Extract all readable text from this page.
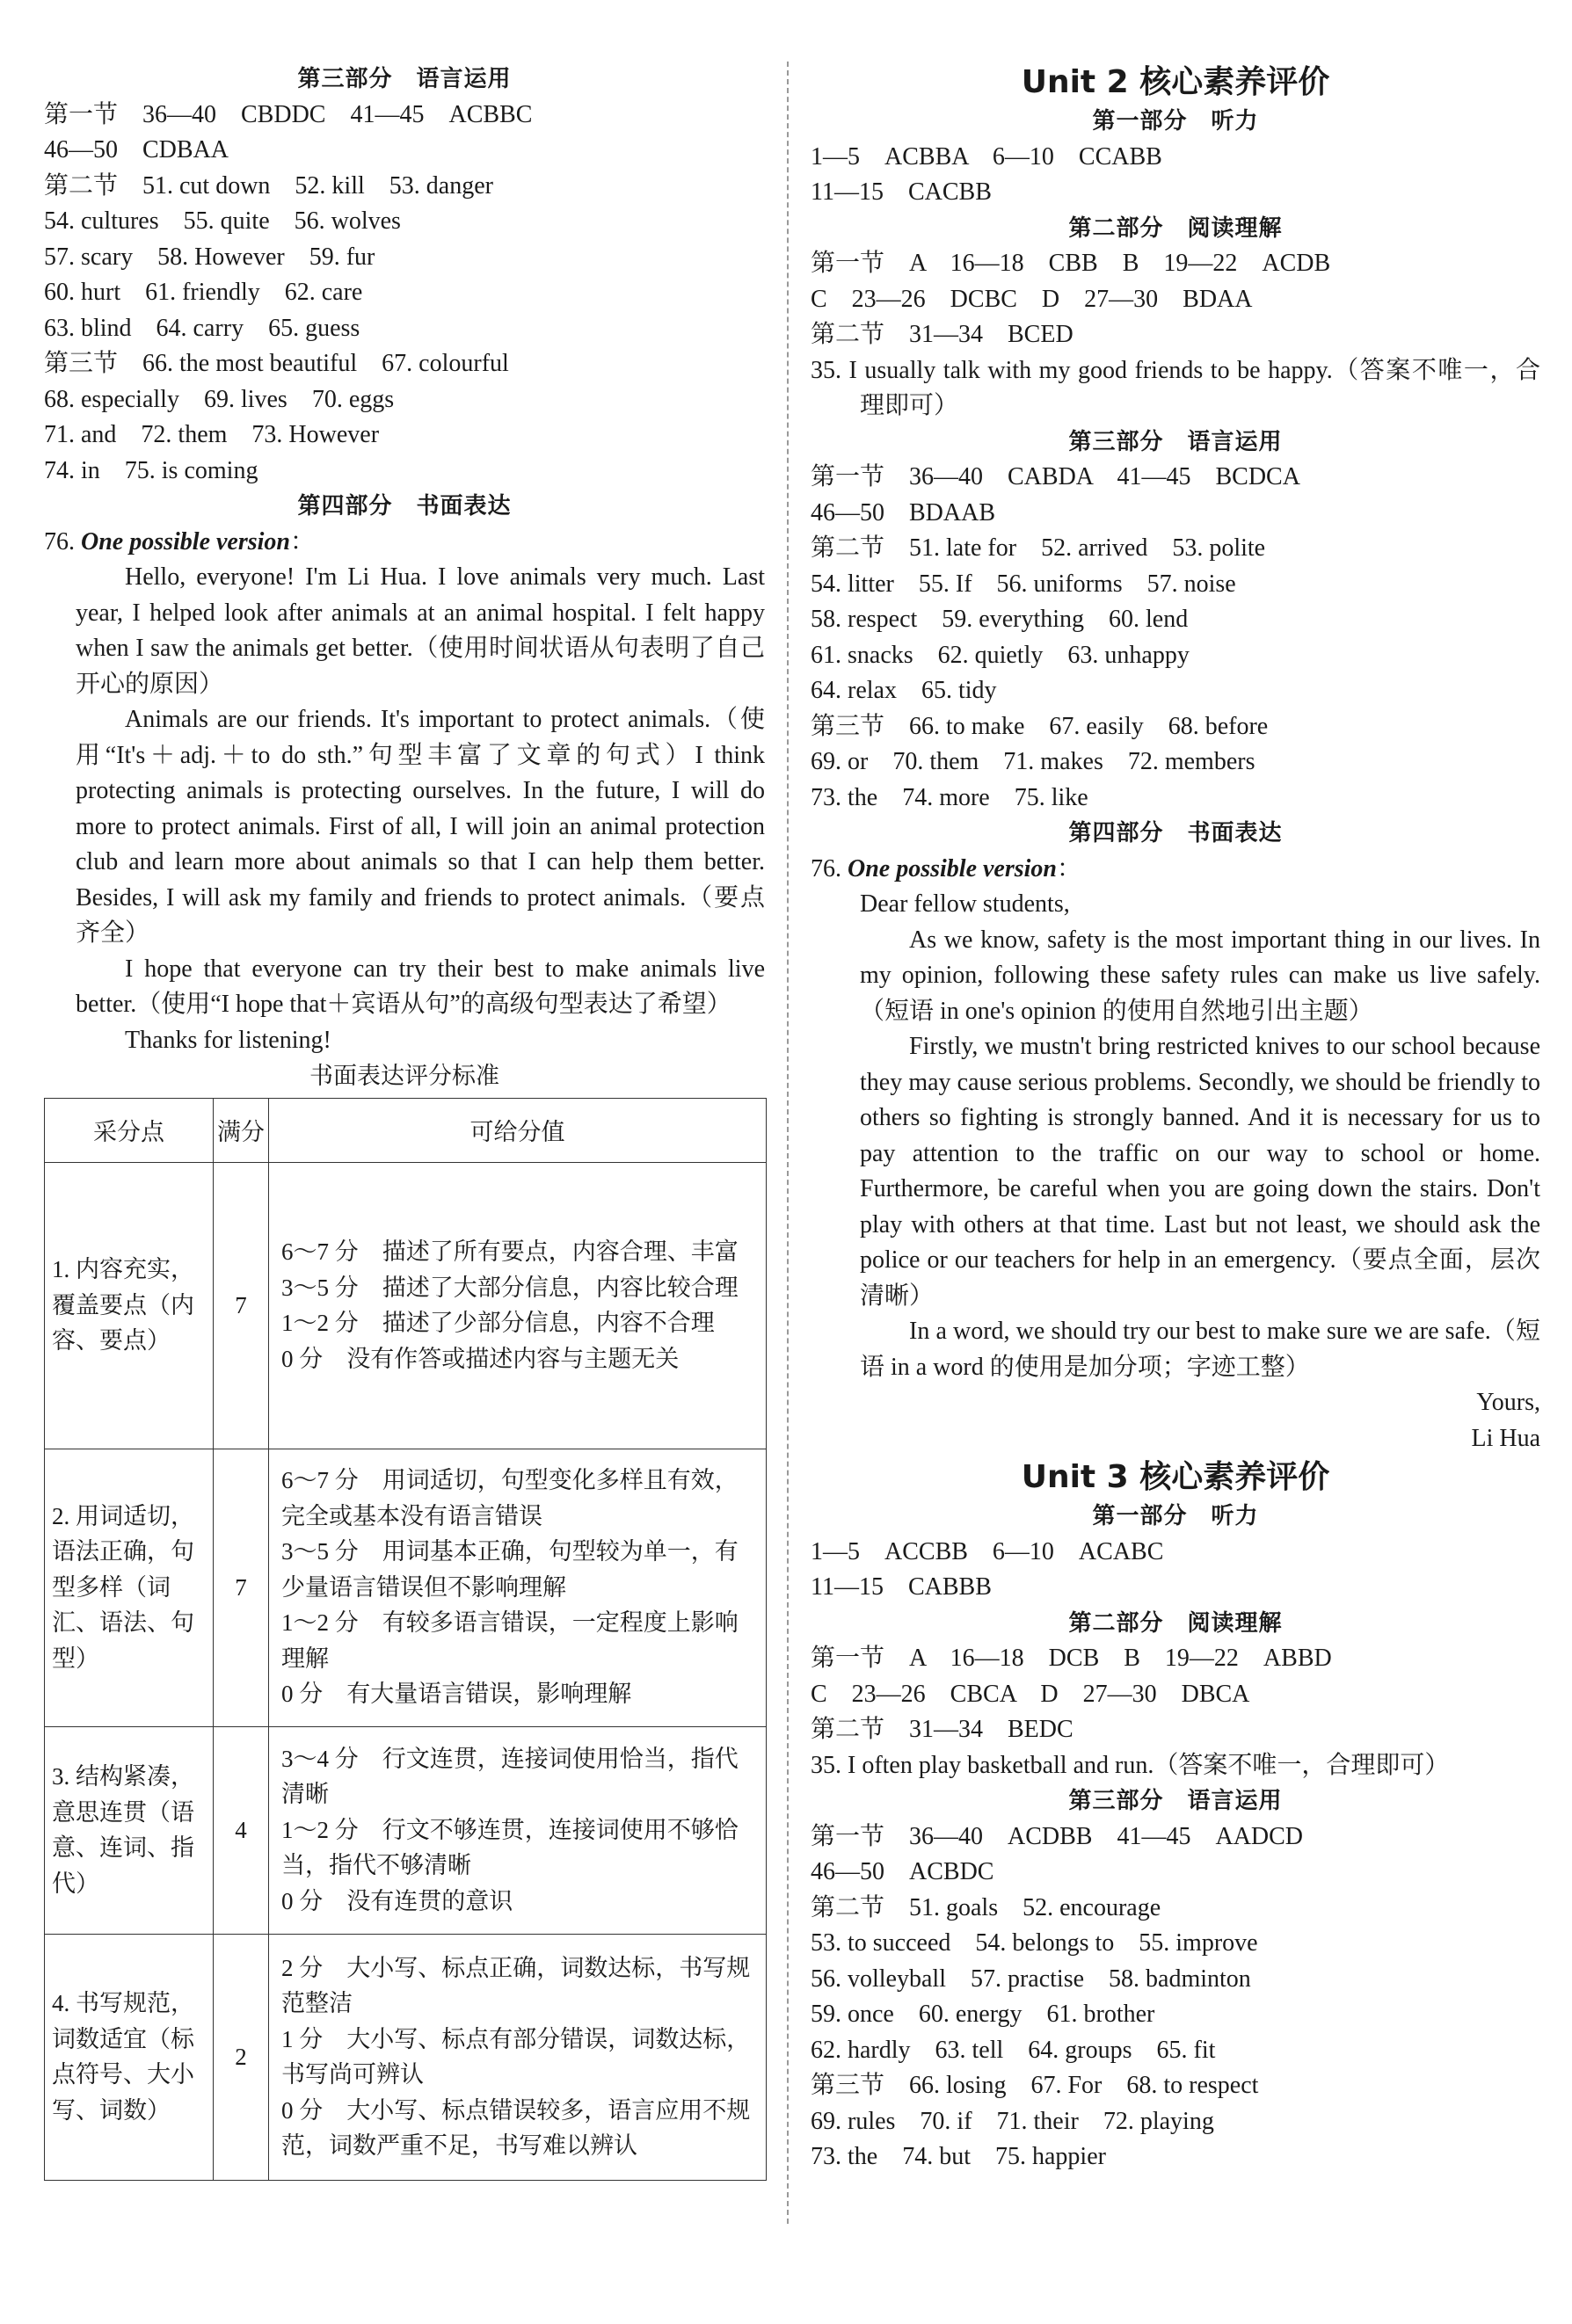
第三部分　语言运用
第一节　36—40　CBDDC　41—45　ACBBC
46—50　CDBAA
第二节　51. cut down　52. kill　53. danger
54. cultures　55. quite　56. wolves
57. scary　58. However　59. fur
60. hurt　61. friendly　62. care
63. blind　64. carry　65. guess
第三节　66. the most beautiful　67. colourful
68. especially　69. lives　70. eggs
71. and　72. them　73. However
74. in　75. is coming
第四部分　书面表达
76. One possible version：
Hello, everyone! I'm Li Hua. I love animals very much. Last year, I helped look after animals at an animal hospital. I felt happy when I saw the animals get better.（使用时间状语从句表明了自己开心的原因）
Animals are our friends. It's important to protect animals.（使用“It's＋adj.＋to do sth.”句型丰富了文章的句式）I think protecting animals is protecting ourselves. In the future, I will do more to protect animals. First of all, I will join an animal protection club and learn more about animals so that I can help them better. Besides, I will ask my family and friends to protect animals.（要点齐全）
I hope that everyone can try their best to make animals live better.（使用“I hope that＋宾语从句”的高级句型表达了希望）
Thanks for listening!
书面表达评分标准
采分点	满分	可给分值
1. 内容充实，覆盖要点（内容、要点）	7	6～7 分　描述了所有要点，内容合理、丰富
3～5 分　描述了大部分信息，内容比较合理
1～2 分　描述了少部分信息，内容不合理
0 分　没有作答或描述内容与主题无关

2. 用词适切，语法正确，句型多样（词汇、语法、句型）	7	6～7 分　用词适切，句型变化多样且有效，完全或基本没有语言错误
3～5 分　用词基本正确，句型较为单一，有少量语言错误但不影响理解
1～2 分　有较多语言错误，一定程度上影响理解
0 分　有大量语言错误，影响理解

3. 结构紧凑，意思连贯（语意、连词、指代）	4	3～4 分　行文连贯，连接词使用恰当，指代清晰
1～2 分　行文不够连贯，连接词使用不够恰当，指代不够清晰
0 分　没有连贯的意识

4. 书写规范，词数适宜（标点符号、大小写、词数）	2	2 分　大小写、标点正确，词数达标，书写规范整洁
1 分　大小写、标点有部分错误，词数达标，书写尚可辨认
0 分　大小写、标点错误较多，语言应用不规范，词数严重不足，书写难以辨认
Unit 2 核心素养评价
第一部分　听力
1—5　ACBBA　6—10　CCABB
11—15　CACBB
第二部分　阅读理解
第一节　A　16—18　CBB　B　19—22　ACDB
C　23—26　DCBC　D　27—30　BDAA
第二节　31—34　BCED
35. I usually talk with my good friends to be happy.（答案不唯一，合理即可）
第三部分　语言运用
第一节　36—40　CABDA　41—45　BCDCA
46—50　BDAAB
第二节　51. late for　52. arrived　53. polite
54. litter　55. If　56. uniforms　57. noise
58. respect　59. everything　60. lend
61. snacks　62. quietly　63. unhappy
64. relax　65. tidy
第三节　66. to make　67. easily　68. before
69. or　70. them　71. makes　72. members
73. the　74. more　75. like
第四部分　书面表达
76. One possible version：
Dear fellow students,
As we know, safety is the most important thing in our lives. In my opinion, following these safety rules can make us live safely.（短语 in one's opinion 的使用自然地引出主题）
Firstly, we mustn't bring restricted knives to our school because they may cause serious problems. Secondly, we should be friendly to others so fighting is strongly banned. And it is necessary for us to pay attention to the traffic on our way to school or home. Furthermore, be careful when you are going down the stairs. Don't play with others at that time. Last but not least, we should ask the police or our teachers for help in an emergency.（要点全面，层次清晰）
In a word, we should try our best to make sure we are safe.（短语 in a word 的使用是加分项；字迹工整）
Yours,
Li Hua
Unit 3 核心素养评价
第一部分　听力
1—5　ACCBB　6—10　ACABC
11—15　CABBB
第二部分　阅读理解
第一节　A　16—18　DCB　B　19—22　ABBD
C　23—26　CBCA　D　27—30　DBCA
第二节　31—34　BEDC
35. I often play basketball and run.（答案不唯一，合理即可）
第三部分　语言运用
第一节　36—40　ACDBB　41—45　AADCD
46—50　ACBDC
第二节　51. goals　52. encourage
53. to succeed　54. belongs to　55. improve
56. volleyball　57. practise　58. badminton
59. once　60. energy　61. brother
62. hardly　63. tell　64. groups　65. fit
第三节　66. losing　67. For　68. to respect
69. rules　70. if　71. their　72. playing
73. the　74. but　75. happier
